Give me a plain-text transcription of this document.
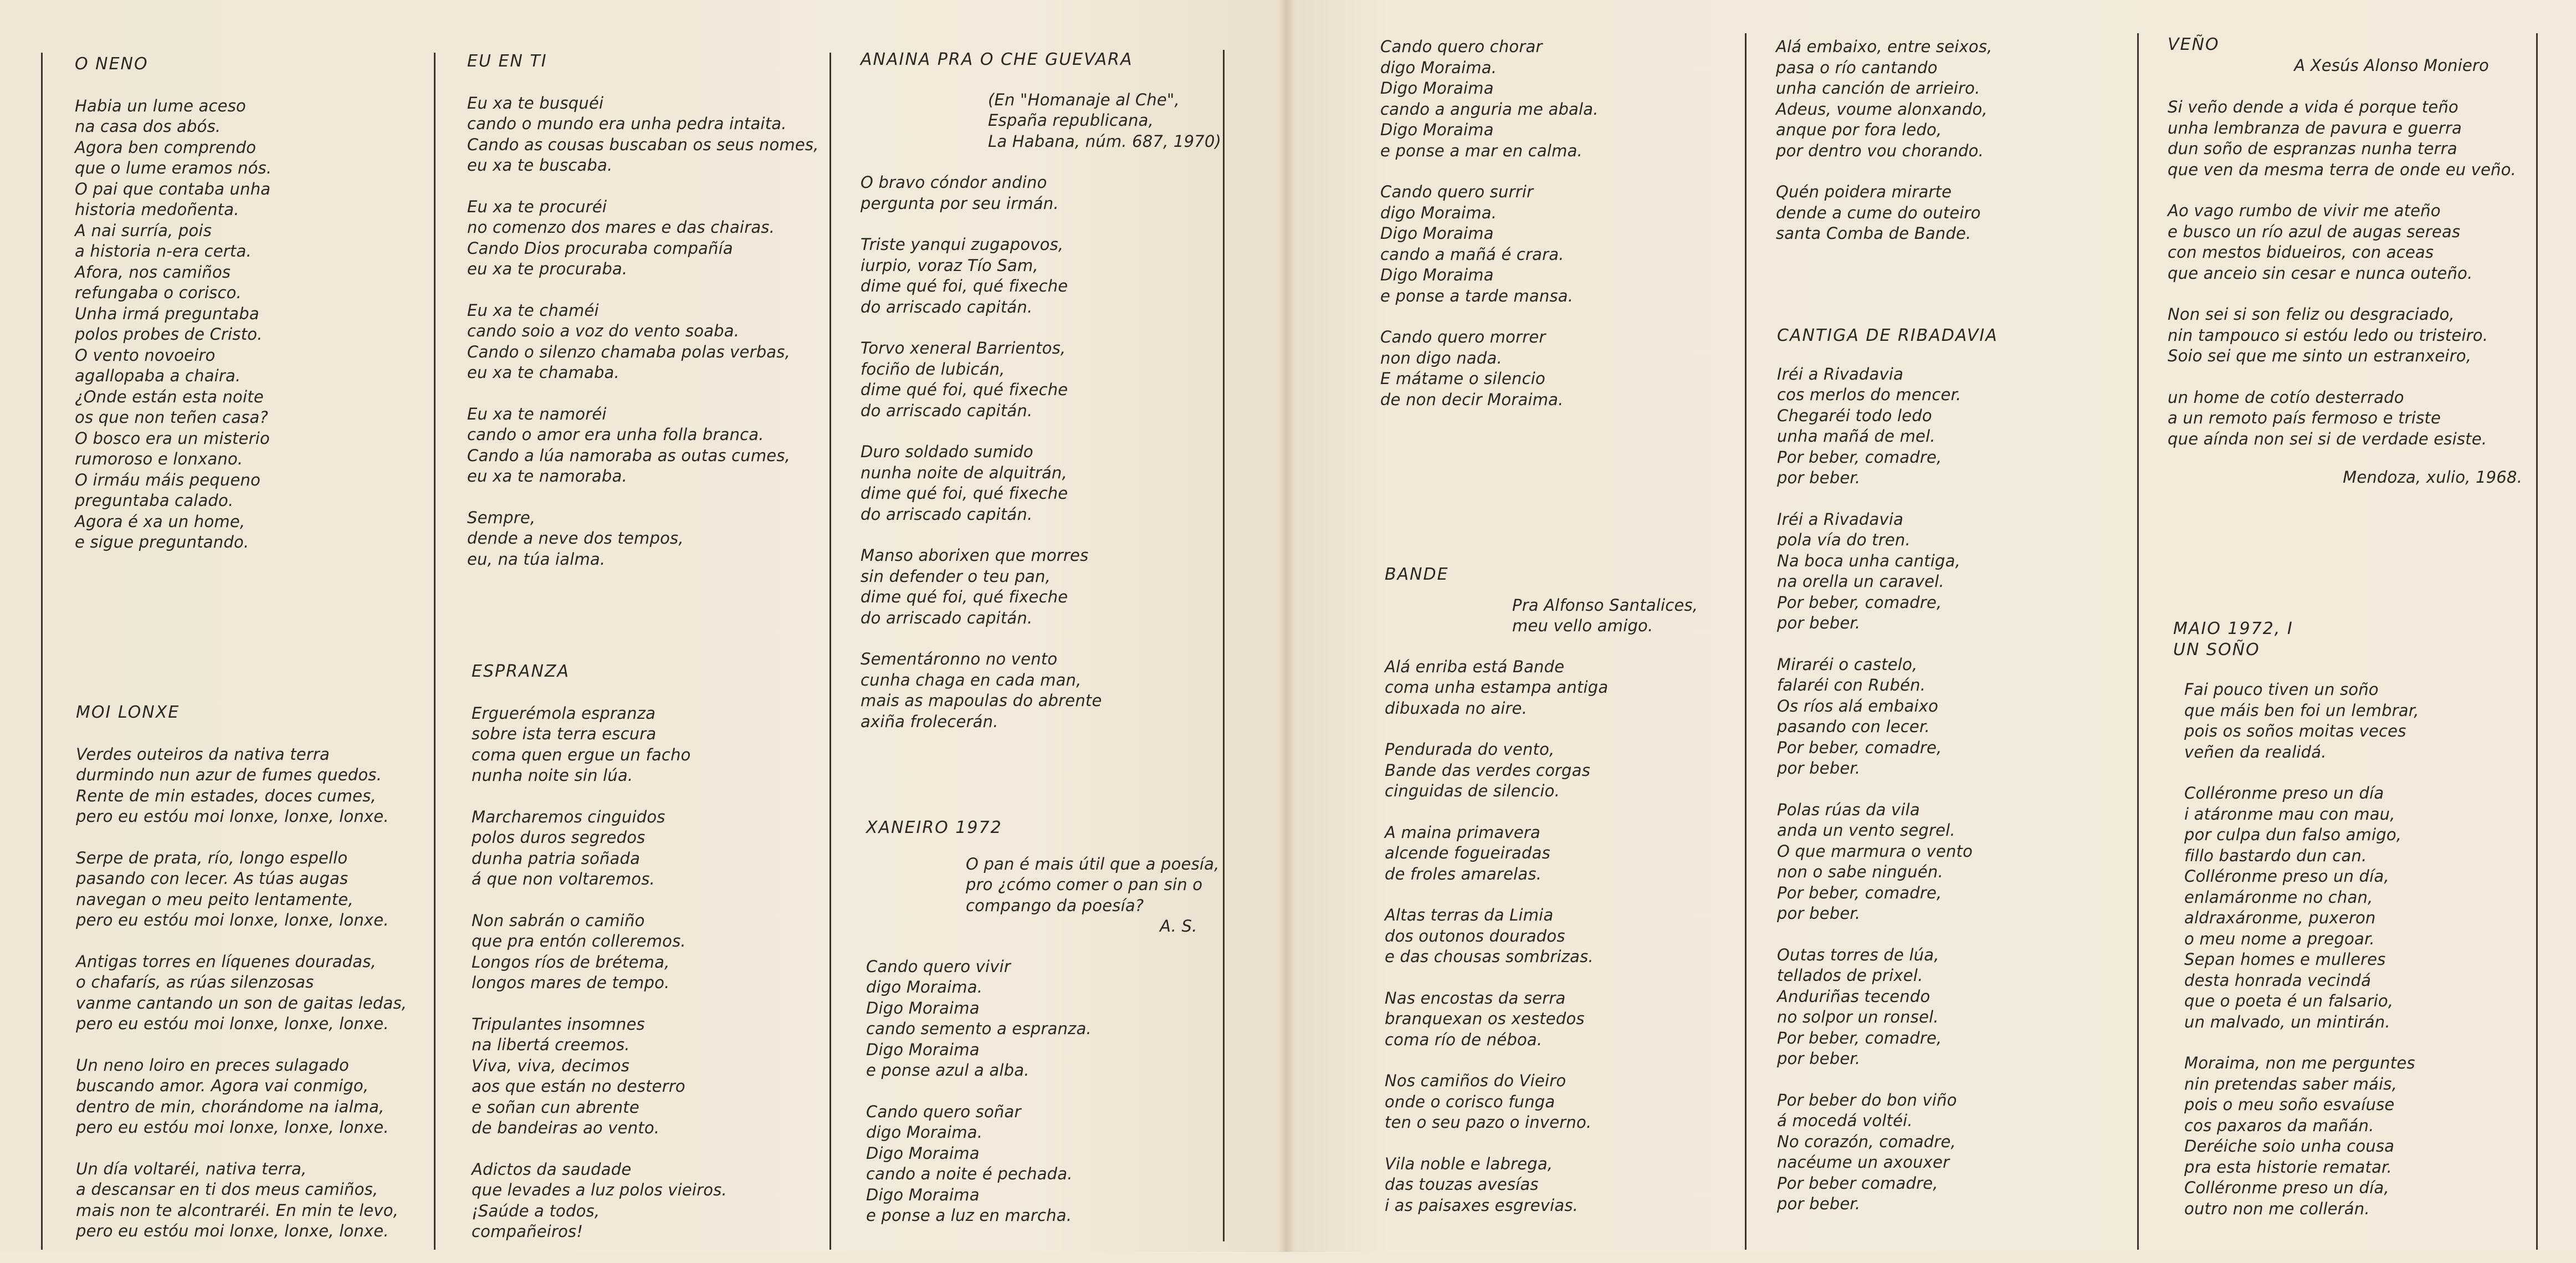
O NENO
Habia un lume aceso
na casa dos abós.
Agora ben comprendo
que o lume eramos nós.
O pai que contaba unha
historia medoñenta.
A nai surría, pois
a historia n-era certa.
Afora, nos camiños
refungaba o corisco.
Unha irmá preguntaba
polos probes de Cristo.
O vento novoeiro
agallopaba a chaira.
¿Onde están esta noite
os que non teñen casa?
O bosco era un misterio
rumoroso e lonxano.
O irmáu máis pequeno
preguntaba calado.
Agora é xa un home,
e sigue preguntando.
MOI LONXE
Verdes outeiros da nativa terra
durmindo nun azur de fumes quedos.
Rente de min estades, doces cumes,
pero eu estóu moi lonxe, lonxe, lonxe.
Serpe de prata, río, longo espello
pasando con lecer. As túas augas
navegan o meu peito lentamente,
pero eu estóu moi lonxe, lonxe, lonxe.
Antigas torres en líquenes douradas,
o chafarís, as rúas silenzosas
vanme cantando un son de gaitas ledas,
pero eu estóu moi lonxe, lonxe, lonxe.
Un neno loiro en preces sulagado
buscando amor. Agora vai conmigo,
dentro de min, chorándome na ialma,
pero eu estóu moi lonxe, lonxe, lonxe.
Un día voltaréi, nativa terra,
a descansar en ti dos meus camiños,
mais non te alcontraréi. En min te levo,
pero eu estóu moi lonxe, lonxe, lonxe.
EU EN TI
Eu xa te busquéi
cando o mundo era unha pedra intaita.
Cando as cousas buscaban os seus nomes,
eu xa te buscaba.
Eu xa te procuréi
no comenzo dos mares e das chairas.
Cando Dios procuraba compañía
eu xa te procuraba.
Eu xa te chaméi
cando soio a voz do vento soaba.
Cando o silenzo chamaba polas verbas,
eu xa te chamaba.
Eu xa te namoréi
cando o amor era unha folla branca.
Cando a lúa namoraba as outas cumes,
eu xa te namoraba.
Sempre,
dende a neve dos tempos,
eu, na túa ialma.
ESPRANZA
Erguerémola espranza
sobre ista terra escura
coma quen ergue un facho
nunha noite sin lúa.
Marcharemos cinguidos
polos duros segredos
dunha patria soñada
á que non voltaremos.
Non sabrán o camiño
que pra entón colleremos.
Longos ríos de brétema,
longos mares de tempo.
Tripulantes insomnes
na libertá creemos.
Viva, viva, decimos
aos que están no desterro
e soñan cun abrente
de bandeiras ao vento.
Adictos da saudade
que levades a luz polos vieiros.
¡Saúde a todos,
compañeiros!
ANAINA PRA O CHE GUEVARA
(En "Homanaje al Che",
España republicana,
La Habana, núm. 687, 1970)
O bravo cóndor andino
pergunta por seu irmán.
Triste yanqui zugapovos,
iurpio, voraz Tío Sam,
dime qué foi, qué fixeche
do arriscado capitán.
Torvo xeneral Barrientos,
fociño de lubicán,
dime qué foi, qué fixeche
do arriscado capitán.
Duro soldado sumido
nunha noite de alquitrán,
dime qué foi, qué fixeche
do arriscado capitán.
Manso aborixen que morres
sin defender o teu pan,
dime qué foi, qué fixeche
do arriscado capitán.
Sementáronno no vento
cunha chaga en cada man,
mais as mapoulas do abrente
axiña frolecerán.
XANEIRO 1972
O pan é mais útil que a poesía,
pro ¿cómo comer o pan sin o
compango da poesía?
A. S.
Cando quero vivir
digo Moraima.
Digo Moraima
cando semento a espranza.
Digo Moraima
e ponse azul a alba.
Cando quero soñar
digo Moraima.
Digo Moraima
cando a noite é pechada.
Digo Moraima
e ponse a luz en marcha.
Cando quero chorar
digo Moraima.
Digo Moraima
cando a anguria me abala.
Digo Moraima
e ponse a mar en calma.
Cando quero surrir
digo Moraima.
Digo Moraima
cando a mañá é crara.
Digo Moraima
e ponse a tarde mansa.
Cando quero morrer
non digo nada.
E mátame o silencio
de non decir Moraima.
BANDE
Pra Alfonso Santalices,
meu vello amigo.
Alá enriba está Bande
coma unha estampa antiga
dibuxada no aire.
Pendurada do vento,
Bande das verdes corgas
cinguidas de silencio.
A maina primavera
alcende fogueiradas
de froles amarelas.
Altas terras da Limia
dos outonos dourados
e das chousas sombrizas.
Nas encostas da serra
branquexan os xestedos
coma río de néboa.
Nos camiños do Vieiro
onde o corisco funga
ten o seu pazo o inverno.
Vila noble e labrega,
das touzas avesías
i as paisaxes esgrevias.
Alá embaixo, entre seixos,
pasa o río cantando
unha canción de arrieiro.
Adeus, voume alonxando,
anque por fora ledo,
por dentro vou chorando.
Quén poidera mirarte
dende a cume do outeiro
santa Comba de Bande.
CANTIGA DE RIBADAVIA
Iréi a Rivadavia
cos merlos do mencer.
Chegaréi todo ledo
unha mañá de mel.
Por beber, comadre,
por beber.
Iréi a Rivadavia
pola vía do tren.
Na boca unha cantiga,
na orella un caravel.
Por beber, comadre,
por beber.
Miraréi o castelo,
falaréi con Rubén.
Os ríos alá embaixo
pasando con lecer.
Por beber, comadre,
por beber.
Polas rúas da vila
anda un vento segrel.
O que marmura o vento
non o sabe ninguén.
Por beber, comadre,
por beber.
Outas torres de lúa,
tellados de prixel.
Anduriñas tecendo
no solpor un ronsel.
Por beber, comadre,
por beber.
Por beber do bon viño
á mocedá voltéi.
No corazón, comadre,
nacéume un axouxer
Por beber comadre,
por beber.
VEÑO
A Xesús Alonso Moniero
Si veño dende a vida é porque teño
unha lembranza de pavura e guerra
dun soño de espranzas nunha terra
que ven da mesma terra de onde eu veño.
Ao vago rumbo de vivir me ateño
e busco un río azul de augas sereas
con mestos bidueiros, con aceas
que anceio sin cesar e nunca outeño.
Non sei si son feliz ou desgraciado,
nin tampouco si estóu ledo ou tristeiro.
Soio sei que me sinto un estranxeiro,
un home de cotío desterrado
a un remoto país fermoso e triste
que aínda non sei si de verdade esiste.
Mendoza, xulio, 1968.
MAIO 1972, I
UN SOÑO
Fai pouco tiven un soño
que máis ben foi un lembrar,
pois os soños moitas veces
veñen da realidá.
Colléronme preso un día
i atáronme mau con mau,
por culpa dun falso amigo,
fillo bastardo dun can.
Colléronme preso un día,
enlamáronme no chan,
aldraxáronme, puxeron
o meu nome a pregoar.
Sepan homes e mulleres
desta honrada vecindá
que o poeta é un falsario,
un malvado, un mintirán.
Moraima, non me perguntes
nin pretendas saber máis,
pois o meu soño esvaíuse
cos paxaros da mañán.
Deréiche soio unha cousa
pra esta historie rematar.
Colléronme preso un día,
outro non me collerán.
